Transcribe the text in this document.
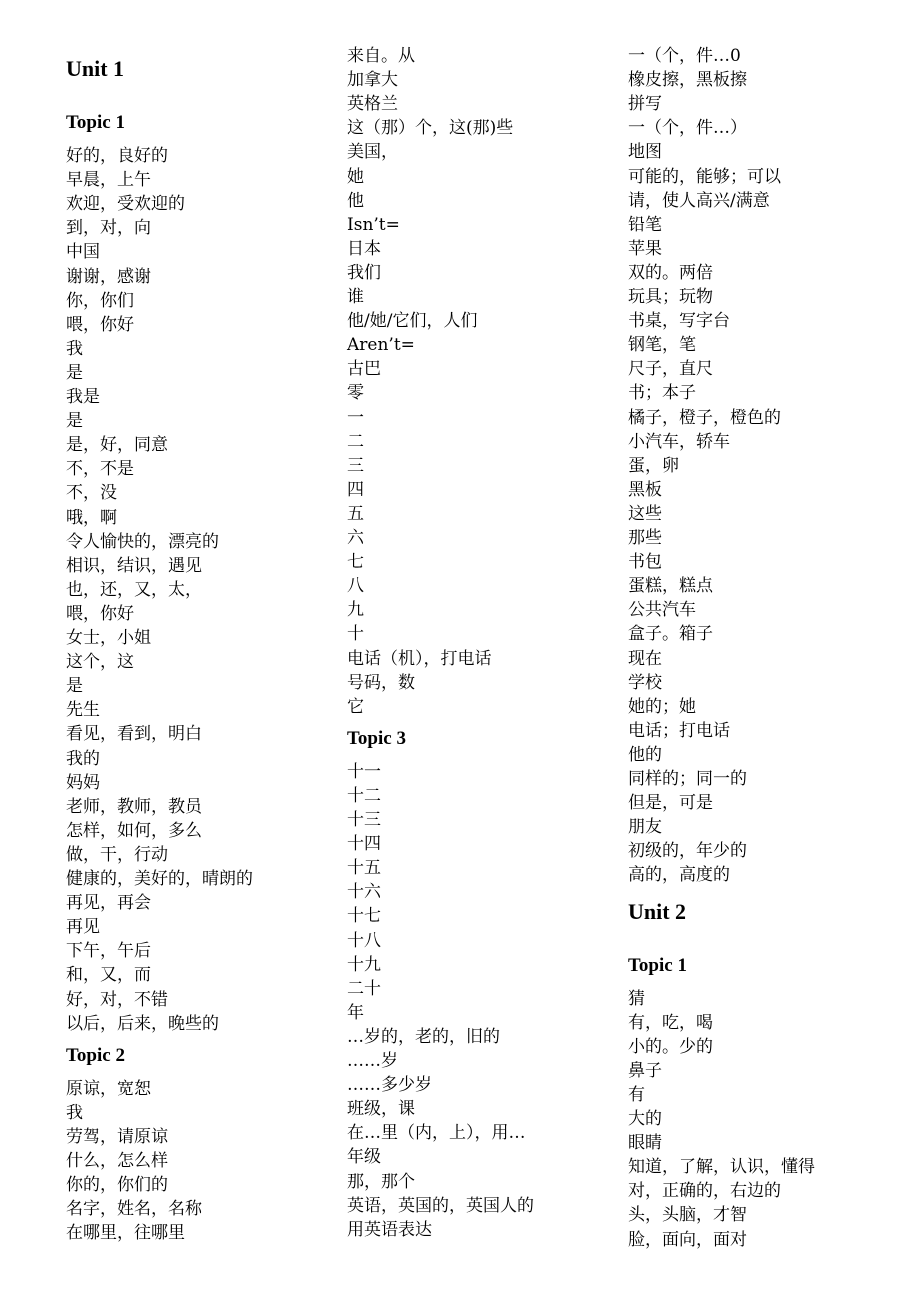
Unit 1
Topic 1
好的，良好的
早晨，上午
欢迎，受欢迎的
到，对，向
中国
谢谢，感谢
你，你们
喂，你好
我
是
我是
是
是，好，同意
不，不是
不，没
哦，啊
令人愉快的，漂亮的
相识，结识，遇见
也，还，又，太，
喂，你好
女士，小姐
这个，这
是
先生
看见，看到，明白
我的
妈妈
老师，教师，教员
怎样，如何，多么
做，干，行动
健康的，美好的，晴朗的
再见，再会
再见
下午，午后
和，又，而
好，对，不错
以后，后来，晚些的
Topic 2
原谅，宽恕
我
劳驾，请原谅
什么，怎么样
你的，你们的
名字，姓名，名称
在哪里，往哪里
来自。从
加拿大
英格兰
这（那）个，这(那)些
美国，
她
他
Isn’t=
日本
我们
谁
他/她/它们，人们
Aren’t=
古巴
零
一
二
三
四
五
六
七
八
九
十
电话（机），打电话
号码，数
它
Topic 3
十一
十二
十三
十四
十五
十六
十七
十八
十九
二十
年
…岁的，老的，旧的
……岁
……多少岁
班级，课
在…里（内，上），用…
年级
那，那个
英语，英国的，英国人的
用英语表达
一（个，件…0
橡皮擦，黑板擦
拼写
一（个，件…）
地图
可能的，能够；可以
请，使人高兴/满意
铅笔
苹果
双的。两倍
玩具；玩物
书桌，写字台
钢笔，笔
尺子，直尺
书；本子
橘子，橙子，橙色的
小汽车，轿车
蛋，卵
黑板
这些
那些
书包
蛋糕，糕点
公共汽车
盒子。箱子
现在
学校
她的；她
电话；打电话
他的
同样的；同一的
但是，可是
朋友
初级的，年少的
高的，高度的
Unit 2
Topic 1
猜
有，吃，喝
小的。少的
鼻子
有
大的
眼睛
知道，了解，认识，懂得
对，正确的，右边的
头，头脑，才智
脸，面向，面对
